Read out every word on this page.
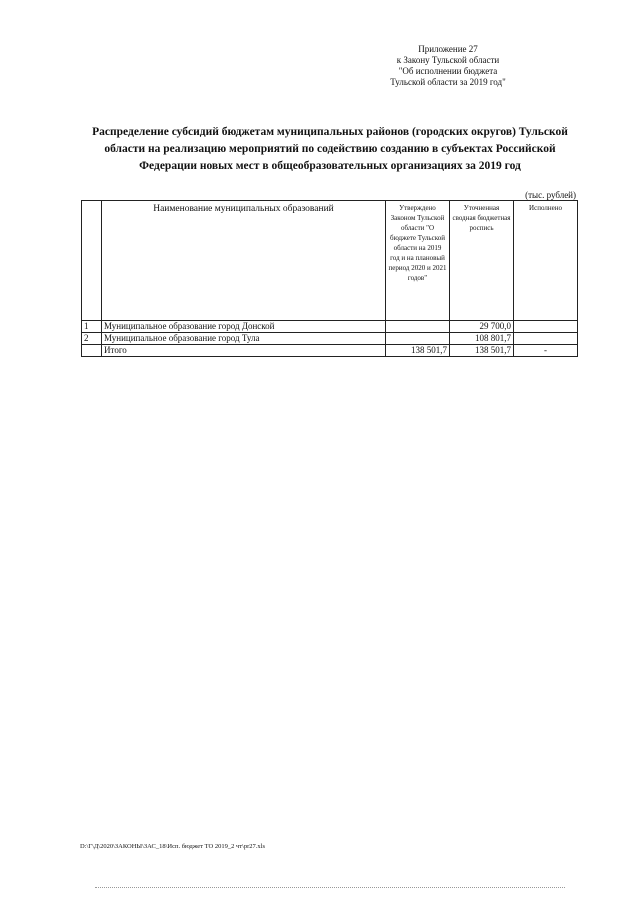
Приложение 27
к Закону Тульской области
"Об исполнении бюджета
Тульской области за 2019 год"
Распределение субсидий бюджетам муниципальных районов (городских округов) Тульской
области на реализацию мероприятий по содействию созданию в субъектах Российской
Федерации новых мест в общеобразовательных организациях за 2019 год
(тыс. рублей)
	Наименование муниципальных образований	Утверждено Законом Тульской области "О бюджете Тульской области на 2019 год и на плановый период 2020 и 2021 годов"	Уточненная сводная бюджетная роспись	Исполнено
1	Муниципальное образование город Донской		29 700,0	
2	Муниципальное образование город Тула		108 801,7	
	Итого	138 501,7	138 501,7	-
D:\Г\Д\2020\ЗАКОНЫ\ЗАС_18\Исп. бюджет ТО 2019_2 чт\pr27.xls
